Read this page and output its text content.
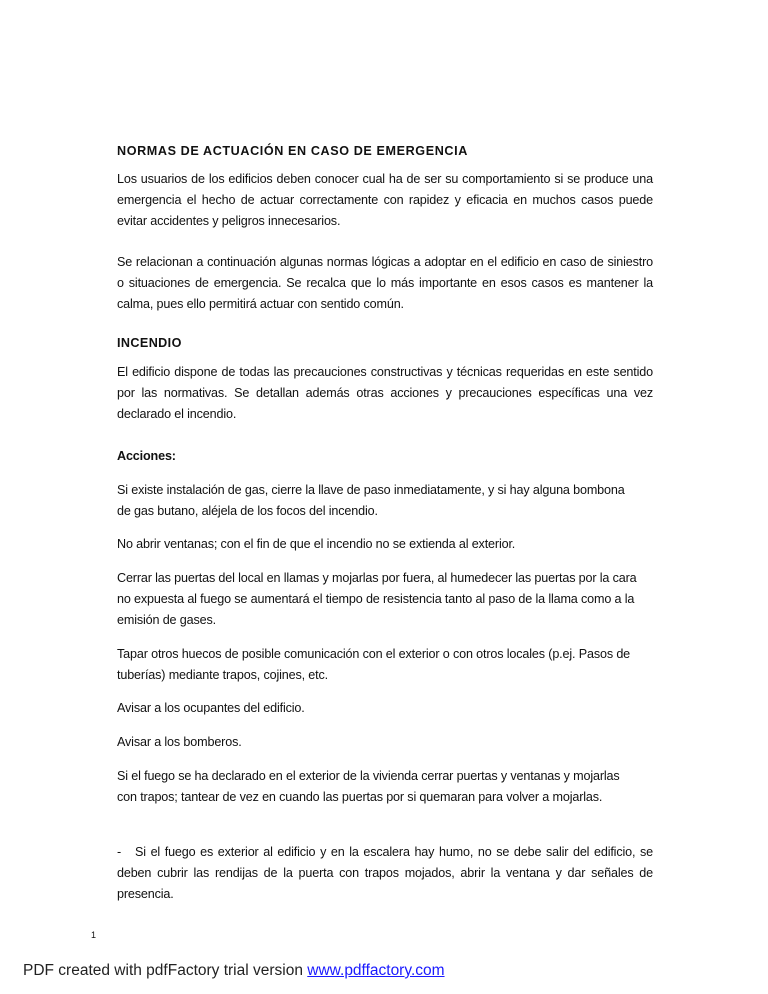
NORMAS DE ACTUACIÓN EN CASO DE EMERGENCIA

Los usuarios de los edificios deben conocer cual ha de ser su comportamiento si se produce una emergencia el hecho de actuar correctamente con rapidez y eficacia en muchos casos puede evitar accidentes y peligros innecesarios.

Se relacionan a continuación algunas normas lógicas a adoptar en el edificio en caso de siniestro o situaciones de emergencia. Se recalca que lo más importante en esos casos es mantener la calma, pues ello permitirá actuar con sentido común.

INCENDIO

El edificio dispone de todas las precauciones constructivas y técnicas requeridas en este sentido por las normativas. Se detallan además otras acciones y precauciones específicas una vez declarado el incendio.

Acciones:

Si existe instalación de gas, cierre la llave de paso inmediatamente, y si hay alguna bombona de gas butano, aléjela de los focos del incendio.

No abrir ventanas; con el fin de que el incendio no se extienda al exterior.

Cerrar las puertas del local en llamas y mojarlas por fuera, al humedecer las puertas por la cara no expuesta al fuego se aumentará el tiempo de resistencia tanto al paso de la llama como a la emisión de gases.

Tapar otros huecos de posible comunicación con el exterior o con otros locales (p.ej. Pasos de tuberías) mediante trapos, cojines, etc.

Avisar a los ocupantes del edificio.

Avisar a los bomberos.

Si el fuego se ha declarado en el exterior de la vivienda cerrar puertas y ventanas y mojarlas con trapos; tantear de vez en cuando las puertas por si quemaran para volver a mojarlas.

-   Si el fuego es exterior al edificio y en la escalera hay humo, no se debe salir del edificio, se deben cubrir las rendijas de la puerta con trapos mojados, abrir la ventana y dar señales de presencia.

1
PDF created with pdfFactory trial version www.pdffactory.com
